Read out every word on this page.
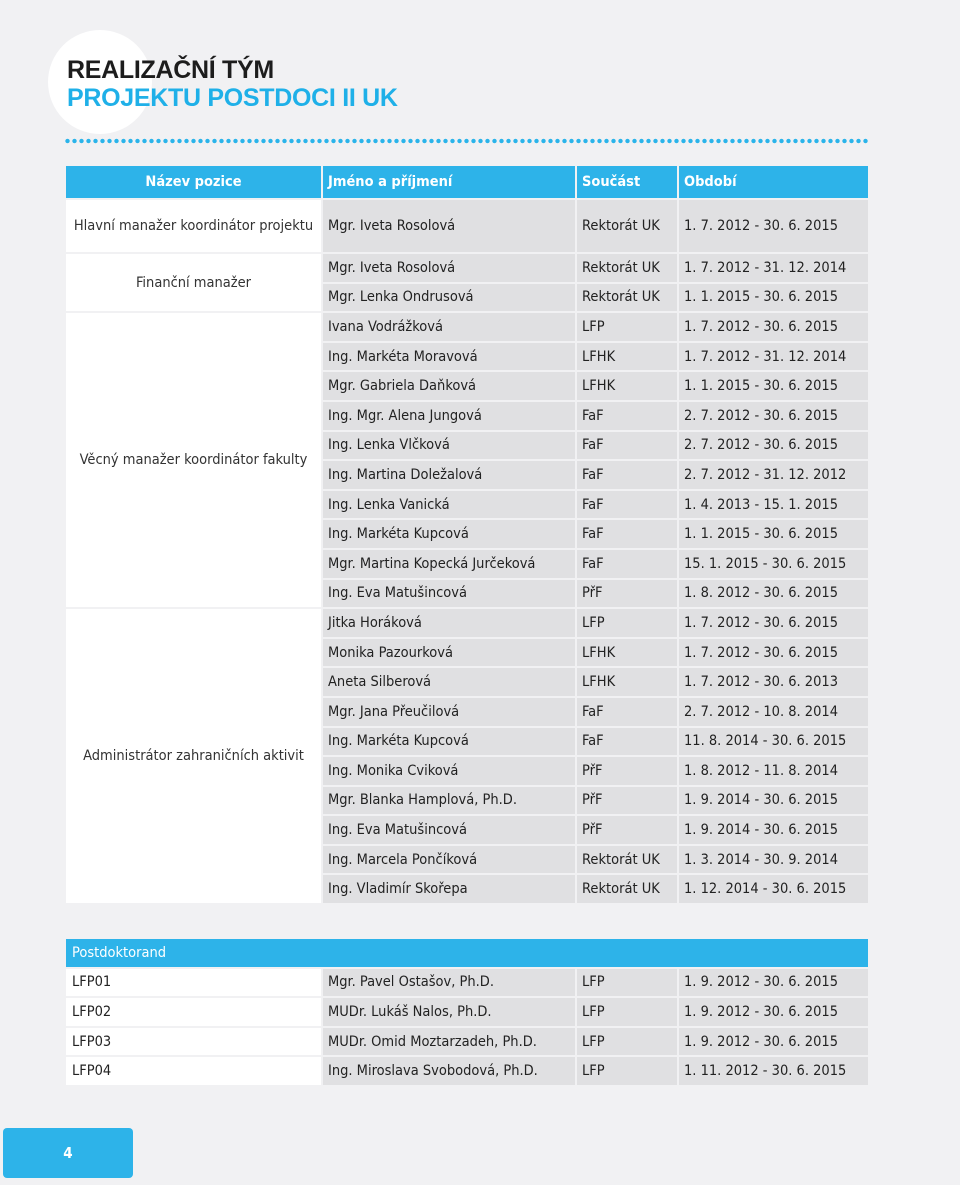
REALIZAČNÍ TÝM
PROJEKTU POSTDOCI II UK
Název pozice	Jméno a příjmení	Součást	Období
Hlavní manažer koordinátor projektu	Mgr. Iveta Rosolová	Rektorát UK	1. 7. 2012 - 30. 6. 2015
Finanční manažer	Mgr. Iveta Rosolová	Rektorát UK	1. 7. 2012 - 31. 12. 2014
	Mgr. Lenka Ondrusová	Rektorát UK	1. 1. 2015 - 30. 6. 2015
Věcný manažer koordinátor fakulty	Ivana Vodrážková	LFP	1. 7. 2012 - 30. 6. 2015
	Ing. Markéta Moravová	LFHK	1. 7. 2012 - 31. 12. 2014
	Mgr. Gabriela Daňková	LFHK	1. 1. 2015 - 30. 6. 2015
	Ing. Mgr. Alena Jungová	FaF	2. 7. 2012 - 30. 6. 2015
	Ing. Lenka Vlčková	FaF	2. 7. 2012 - 30. 6. 2015
	Ing. Martina Doležalová	FaF	2. 7. 2012 - 31. 12. 2012
	Ing. Lenka Vanická	FaF	1. 4. 2013 - 15. 1. 2015
	Ing. Markéta Kupcová	FaF	1. 1. 2015 - 30. 6. 2015
	Mgr. Martina Kopecká Jurčeková	FaF	15. 1. 2015 - 30. 6. 2015
	Ing. Eva Matušincová	PřF	1. 8. 2012 - 30. 6. 2015
Administrátor zahraničních aktivit	Jitka Horáková	LFP	1. 7. 2012 - 30. 6. 2015
	Monika Pazourková	LFHK	1. 7. 2012 - 30. 6. 2015
	Aneta Silberová	LFHK	1. 7. 2012 - 30. 6. 2013
	Mgr. Jana Přeučilová	FaF	2. 7. 2012 - 10. 8. 2014
	Ing. Markéta Kupcová	FaF	11. 8. 2014 - 30. 6. 2015
	Ing. Monika Cviková	PřF	1. 8. 2012 - 11. 8. 2014
	Mgr. Blanka Hamplová, Ph.D.	PřF	1. 9. 2014 - 30. 6. 2015
	Ing. Eva Matušincová	PřF	1. 9. 2014 - 30. 6. 2015
	Ing. Marcela Pončíková	Rektorát UK	1. 3. 2014 - 30. 9. 2014
	Ing. Vladimír Skořepa	Rektorát UK	1. 12. 2014 - 30. 6. 2015
Postdoktorand			
LFP01	Mgr. Pavel Ostašov, Ph.D.	LFP	1. 9. 2012 - 30. 6. 2015
LFP02	MUDr. Lukáš Nalos, Ph.D.	LFP	1. 9. 2012 - 30. 6. 2015
LFP03	MUDr. Omid Moztarzadeh, Ph.D.	LFP	1. 9. 2012 - 30. 6. 2015
LFP04	Ing. Miroslava Svobodová, Ph.D.	LFP	1. 11. 2012 - 30. 6. 2015
4
